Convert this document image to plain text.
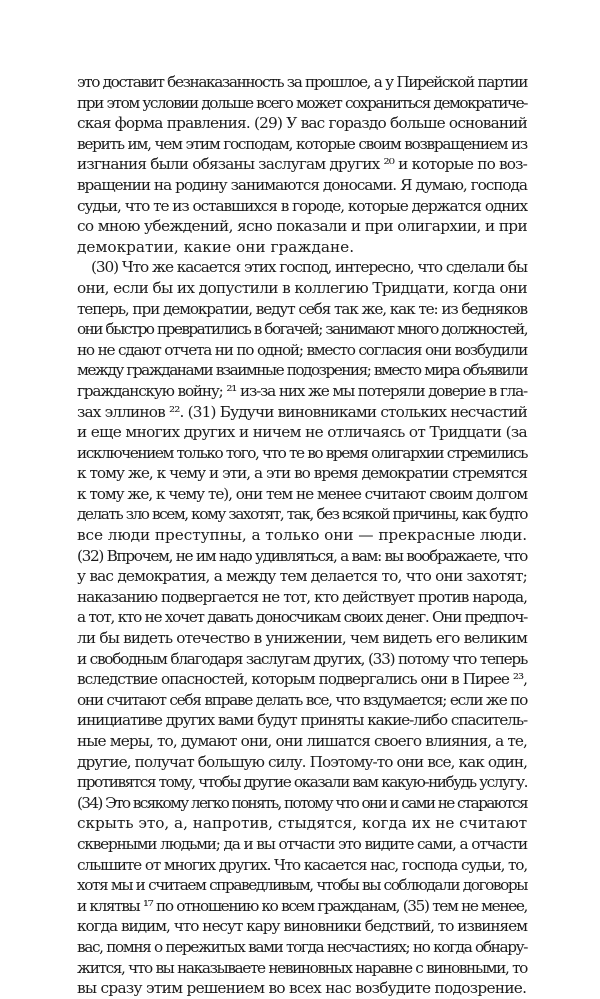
это доставит безнаказанность за прошлое, а у Пирейской партии
при этом условии дольше всего может сохраниться демократиче-
ская форма правления. (29) У вас гораздо больше оснований
верить им, чем этим господам, которые своим возвращением из
изгнания были обязаны заслугам других ²⁰ и которые по воз-
вращении на родину занимаются доносами. Я думаю, господа
судьи, что те из оставшихся в городе, которые держатся одних
со мною убеждений, ясно показали и при олигархии, и при
демократии, какие они граждане.
(30) Что же касается этих господ, интересно, что сделали бы
они, если бы их допустили в коллегию Тридцати, когда они
теперь, при демократии, ведут себя так же, как те: из бедняков
они быстро превратились в богачей; занимают много должностей,
но не сдают отчета ни по одной; вместо согласия они возбудили
между гражданами взаимные подозрения; вместо мира объявили
гражданскую войну; ²¹ из-за них же мы потеряли доверие в гла-
зах эллинов ²². (31) Будучи виновниками стольких несчастий
и еще многих других и ничем не отличаясь от Тридцати (за
исключением только того, что те во время олигархии стремились
к тому же, к чему и эти, а эти во время демократии стремятся
к тому же, к чему те), они тем не менее считают своим долгом
делать зло всем, кому захотят, так, без всякой причины, как будто
все люди преступны, а только они — прекрасные люди.
(32) Впрочем, не им надо удивляться, а вам: вы воображаете, что
у вас демократия, а между тем делается то, что они захотят;
наказанию подвергается не тот, кто действует против народа,
а тот, кто не хочет давать доносчикам своих денег. Они предпоч-
ли бы видеть отечество в унижении, чем видеть его великим
и свободным благодаря заслугам других, (33) потому что теперь
вследствие опасностей, которым подвергались они в Пирее ²³,
они считают себя вправе делать все, что вздумается; если же по
инициативе других вами будут приняты какие-либо спаситель-
ные меры, то, думают они, они лишатся своего влияния, а те,
другие, получат большую силу. Поэтому-то они все, как один,
противятся тому, чтобы другие оказали вам какую-нибудь услугу.
(34) Это всякому легко понять, потому что они и сами не стараются
скрыть это, а, напротив, стыдятся, когда их не считают
скверными людьми; да и вы отчасти это видите сами, а отчасти
слышите от многих других. Что касается нас, господа судьи, то,
хотя мы и считаем справедливым, чтобы вы соблюдали договоры
и клятвы ¹⁷ по отношению ко всем гражданам, (35) тем не менее,
когда видим, что несут кару виновники бедствий, то извиняем
вас, помня о пережитых вами тогда несчастиях; но когда обнару-
жится, что вы наказываете невиновных наравне с виновными, то
вы сразу этим решением во всех нас возбудите подозрение.
